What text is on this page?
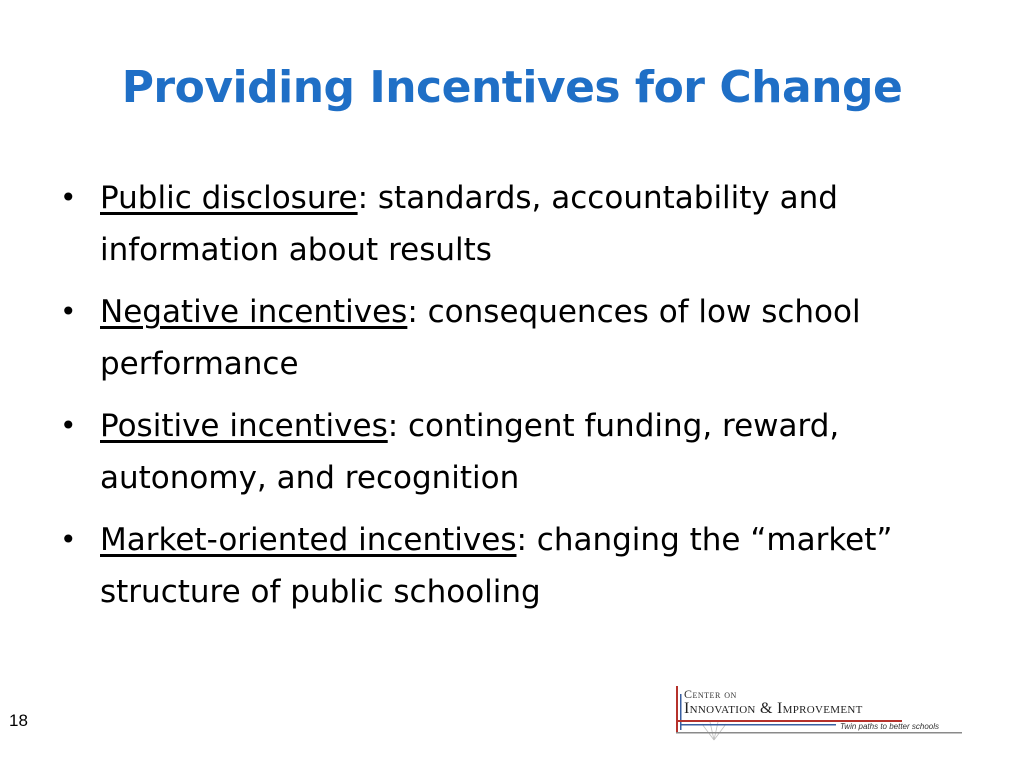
Providing Incentives for Change
• Public disclosure: standards, accountability and information about results
• Negative incentives: consequences of low school performance
• Positive incentives: contingent funding, reward, autonomy, and recognition
• Market-oriented incentives: changing the “market” structure of public schooling
18
Center on
Innovation & Improvement
Twin paths to better schools
